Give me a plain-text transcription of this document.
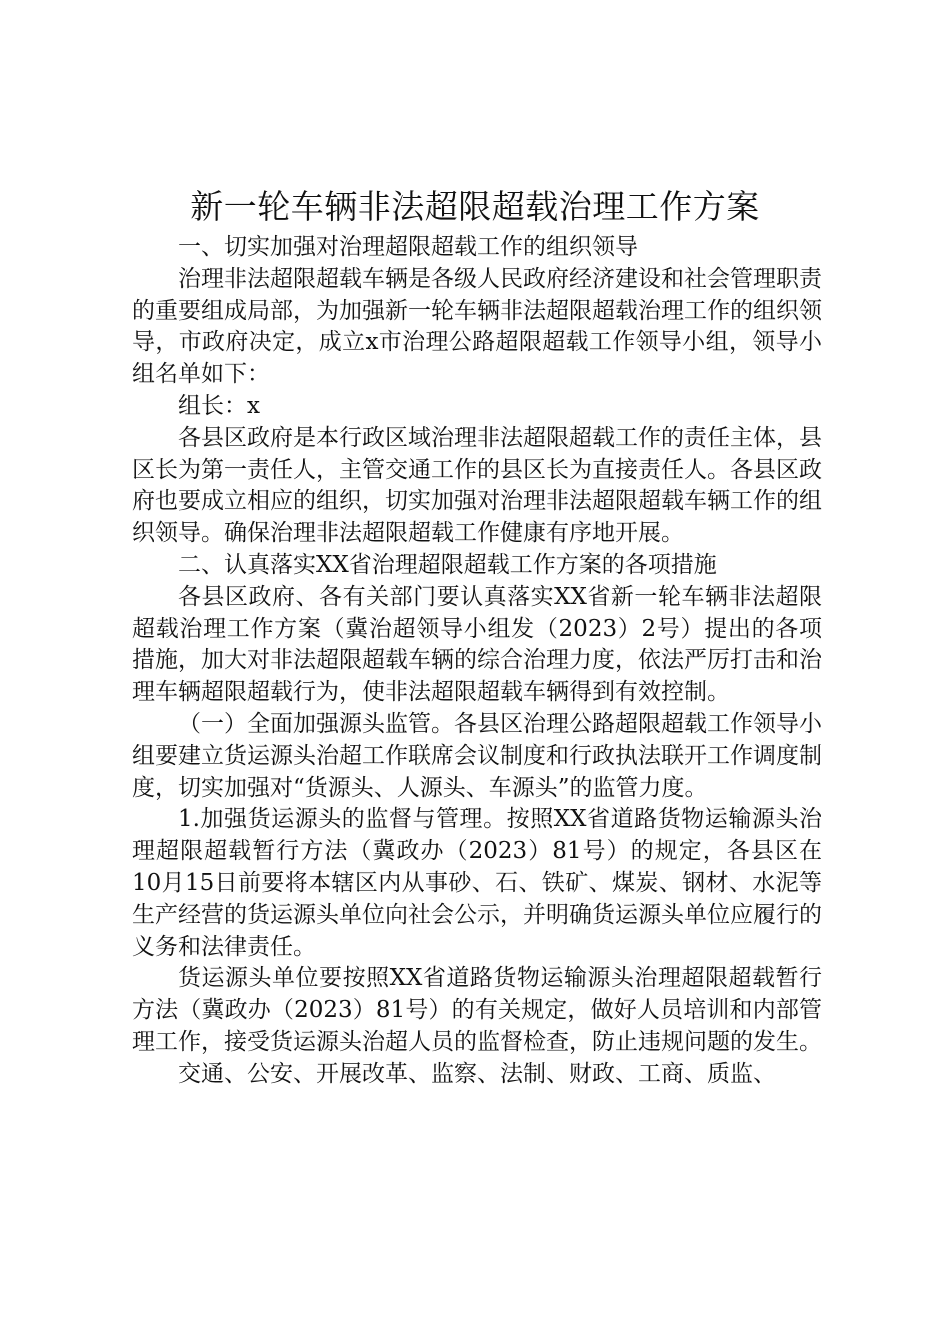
新一轮车辆非法超限超载治理工作方案

一、切实加强对治理超限超载工作的组织领导

治理非法超限超载车辆是各级人民政府经济建设和社会管理职责的重要组成局部，为加强新一轮车辆非法超限超载治理工作的组织领导，市政府决定，成立x市治理公路超限超载工作领导小组，领导小组名单如下：

组长：x

各县区政府是本行政区域治理非法超限超载工作的责任主体，县区长为第一责任人，主管交通工作的县区长为直接责任人。各县区政府也要成立相应的组织，切实加强对治理非法超限超载车辆工作的组织领导。确保治理非法超限超载工作健康有序地开展。

二、认真落实XX省治理超限超载工作方案的各项措施

各县区政府、各有关部门要认真落实XX省新一轮车辆非法超限超载治理工作方案（冀治超领导小组发（2023）2号）提出的各项措施，加大对非法超限超载车辆的综合治理力度，依法严厉打击和治理车辆超限超载行为，使非法超限超载车辆得到有效控制。

（一）全面加强源头监管。各县区治理公路超限超载工作领导小组要建立货运源头治超工作联席会议制度和行政执法联开工作调度制度，切实加强对“货源头、人源头、车源头”的监管力度。

1.加强货运源头的监督与管理。按照XX省道路货物运输源头治理超限超载暂行方法（冀政办（2023）81号）的规定，各县区在10月15日前要将本辖区内从事砂、石、铁矿、煤炭、钢材、水泥等生产经营的货运源头单位向社会公示，并明确货运源头单位应履行的义务和法律责任。

货运源头单位要按照XX省道路货物运输源头治理超限超载暂行方法（冀政办（2023）81号）的有关规定，做好人员培训和内部管理工作，接受货运源头治超人员的监督检查，防止违规问题的发生。

交通、公安、开展改革、监察、法制、财政、工商、质监、
